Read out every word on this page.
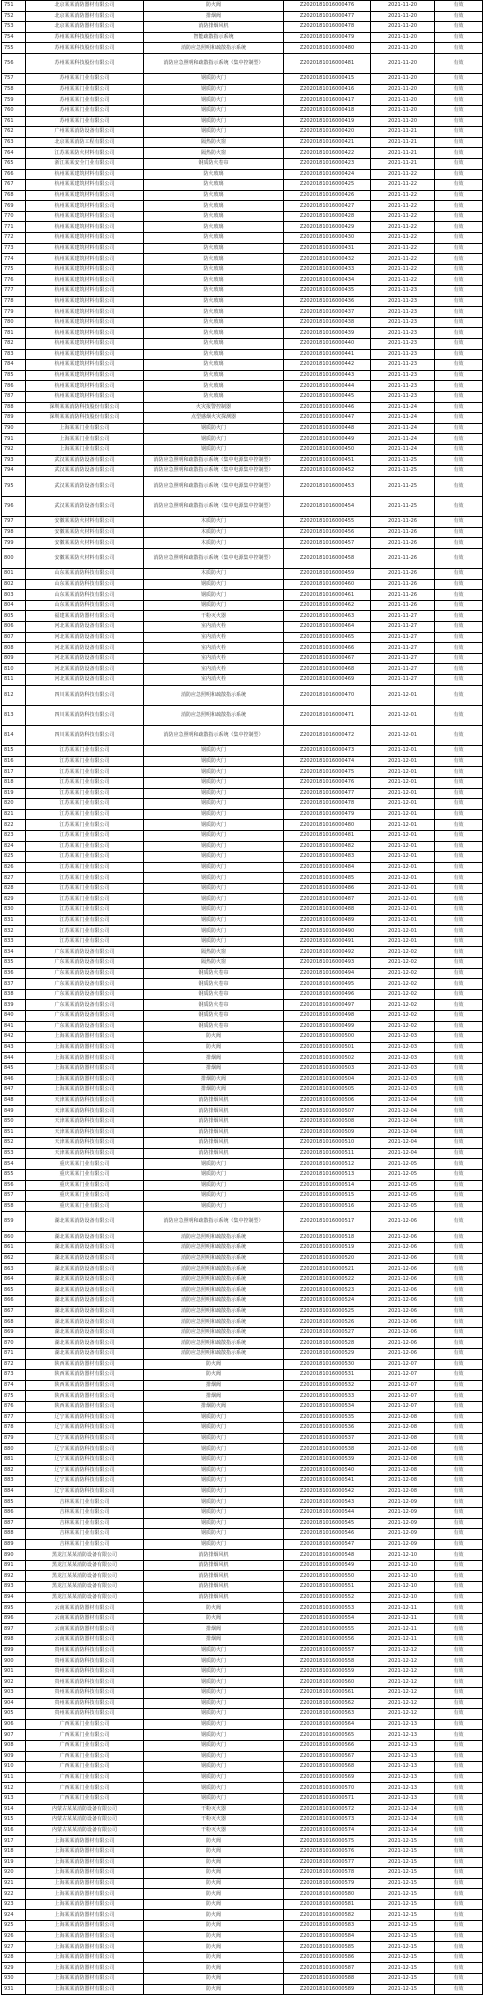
751	北京某某消防器材有限公司	防火阀	Z2020181016000476	2021-11-20	有效
752	北京某某消防器材有限公司	排烟阀	Z2020181016000477	2021-11-20	有效
753	北京某某消防器材有限公司	消防排烟风机	Z2020181016000478	2021-11-20	有效
754	苏州某某科技股份有限公司	智能疏散指示系统	Z2020181016000479	2021-11-20	有效
755	苏州某某科技股份有限公司	消防应急照明和疏散指示系统	Z2020181016000480	2021-11-20	有效
756	苏州某某科技股份有限公司	消防应急照明和疏散指示系统（集中控制型）	Z2020181016000481	2021-11-20	有效
757	苏州某某门业有限公司	钢质防火门	Z2020181016000415	2021-11-20	有效
758	苏州某某门业有限公司	钢质防火门	Z2020181016000416	2021-11-20	有效
759	苏州某某门业有限公司	钢质防火门	Z2020181016000417	2021-11-20	有效
760	苏州某某门业有限公司	钢质防火门	Z2020181016000418	2021-11-20	有效
761	苏州某某门业有限公司	钢质防火门	Z2020181016000419	2021-11-20	有效
762	广州某某消防设备有限公司	钢质防火门	Z2020181016000420	2021-11-21	有效
763	北京某某消防工程有限公司	隔热防火窗	Z2020181016000421	2021-11-21	有效
764	江苏某某防火材料有限公司	隔热防火窗	Z2020181016000422	2021-11-21	有效
765	浙江某某安全门业有限公司	钢质防火卷帘	Z2020181016000423	2021-11-21	有效
766	杭州某某建筑材料有限公司	防火玻璃	Z2020181016000424	2021-11-22	有效
767	杭州某某建筑材料有限公司	防火玻璃	Z2020181016000425	2021-11-22	有效
768	杭州某某建筑材料有限公司	防火玻璃	Z2020181016000426	2021-11-22	有效
769	杭州某某建筑材料有限公司	防火玻璃	Z2020181016000427	2021-11-22	有效
770	杭州某某建筑材料有限公司	防火玻璃	Z2020181016000428	2021-11-22	有效
771	杭州某某建筑材料有限公司	防火玻璃	Z2020181016000429	2021-11-22	有效
772	杭州某某建筑材料有限公司	防火玻璃	Z2020181016000430	2021-11-22	有效
773	杭州某某建筑材料有限公司	防火玻璃	Z2020181016000431	2021-11-22	有效
774	杭州某某建筑材料有限公司	防火玻璃	Z2020181016000432	2021-11-22	有效
775	杭州某某建筑材料有限公司	防火玻璃	Z2020181016000433	2021-11-22	有效
776	杭州某某建筑材料有限公司	防火玻璃	Z2020181016000434	2021-11-22	有效
777	杭州某某建筑材料有限公司	防火玻璃	Z2020181016000435	2021-11-23	有效
778	杭州某某建筑材料有限公司	防火玻璃	Z2020181016000436	2021-11-23	有效
779	杭州某某建筑材料有限公司	防火玻璃	Z2020181016000437	2021-11-23	有效
780	杭州某某建筑材料有限公司	防火玻璃	Z2020181016000438	2021-11-23	有效
781	杭州某某建筑材料有限公司	防火玻璃	Z2020181016000439	2021-11-23	有效
782	杭州某某建筑材料有限公司	防火玻璃	Z2020181016000440	2021-11-23	有效
783	杭州某某建筑材料有限公司	防火玻璃	Z2020181016000441	2021-11-23	有效
784	杭州某某建筑材料有限公司	防火玻璃	Z2020181016000442	2021-11-23	有效
785	杭州某某建筑材料有限公司	防火玻璃	Z2020181016000443	2021-11-23	有效
786	杭州某某建筑材料有限公司	防火玻璃	Z2020181016000444	2021-11-23	有效
787	杭州某某建筑材料有限公司	防火玻璃	Z2020181016000445	2021-11-23	有效
788	深圳某某消防科技股份有限公司	火灾报警控制器	Z2020181016000446	2021-11-24	有效
789	深圳某某消防科技股份有限公司	点型感烟火灾探测器	Z2020181016000447	2021-11-24	有效
790	上海某某门业有限公司	钢质防火门	Z2020181016000448	2021-11-24	有效
791	上海某某门业有限公司	钢质防火门	Z2020181016000449	2021-11-24	有效
792	上海某某门业有限公司	钢质防火门	Z2020181016000450	2021-11-24	有效
793	武汉某某消防设备有限公司	消防应急照明和疏散指示系统（集中电源集中控制型）	Z2020181016000451	2021-11-25	有效
794	武汉某某消防设备有限公司	消防应急照明和疏散指示系统（集中电源集中控制型）	Z2020181016000452	2021-11-25	有效
795	武汉某某消防设备有限公司	消防应急照明和疏散指示系统（集中电源集中控制型）	Z2020181016000453	2021-11-25	有效
796	武汉某某消防设备有限公司	消防应急照明和疏散指示系统（集中电源集中控制型）	Z2020181016000454	2021-11-25	有效
797	安徽某某防火材料有限公司	木质防火门	Z2020181016000455	2021-11-26	有效
798	安徽某某防火材料有限公司	木质防火门	Z2020181016000456	2021-11-26	有效
799	安徽某某防火材料有限公司	木质防火门	Z2020181016000457	2021-11-26	有效
800	安徽某某防火材料有限公司	消防应急照明和疏散指示系统（集中电源集中控制型）	Z2020181016000458	2021-11-26	有效
801	山东某某消防科技有限公司	木质防火门	Z2020181016000459	2021-11-26	有效
802	山东某某消防科技有限公司	钢质防火门	Z2020181016000460	2021-11-26	有效
803	山东某某消防科技有限公司	钢质防火门	Z2020181016000461	2021-11-26	有效
804	山东某某消防科技有限公司	钢质防火门	Z2020181016000462	2021-11-26	有效
805	福建某某消防器材有限公司	干粉灭火器	Z2020181016000463	2021-11-27	有效
806	河北某某消防设备有限公司	室内消火栓	Z2020181016000464	2021-11-27	有效
807	河北某某消防设备有限公司	室内消火栓	Z2020181016000465	2021-11-27	有效
808	河北某某消防设备有限公司	室内消火栓	Z2020181016000466	2021-11-27	有效
809	河北某某消防设备有限公司	室内消火栓	Z2020181016000467	2021-11-27	有效
810	河北某某消防设备有限公司	室内消火栓	Z2020181016000468	2021-11-27	有效
811	河北某某消防设备有限公司	室内消火栓	Z2020181016000469	2021-11-27	有效
812	四川某某消防科技有限公司	消防应急照明和疏散指示系统	Z2020181016000470	2021-12-01	有效
813	四川某某消防科技有限公司	消防应急照明和疏散指示系统	Z2020181016000471	2021-12-01	有效
814	四川某某消防科技有限公司	消防应急照明和疏散指示系统（集中控制型）	Z2020181016000472	2021-12-01	有效
815	江苏某某门业有限公司	钢质防火门	Z2020181016000473	2021-12-01	有效
816	江苏某某门业有限公司	钢质防火门	Z2020181016000474	2021-12-01	有效
817	江苏某某门业有限公司	钢质防火门	Z2020181016000475	2021-12-01	有效
818	江苏某某门业有限公司	钢质防火门	Z2020181016000476	2021-12-01	有效
819	江苏某某门业有限公司	钢质防火门	Z2020181016000477	2021-12-01	有效
820	江苏某某门业有限公司	钢质防火门	Z2020181016000478	2021-12-01	有效
821	江苏某某门业有限公司	钢质防火门	Z2020181016000479	2021-12-01	有效
822	江苏某某门业有限公司	钢质防火门	Z2020181016000480	2021-12-01	有效
823	江苏某某门业有限公司	钢质防火门	Z2020181016000481	2021-12-01	有效
824	江苏某某门业有限公司	钢质防火门	Z2020181016000482	2021-12-01	有效
825	江苏某某门业有限公司	钢质防火门	Z2020181016000483	2021-12-01	有效
826	江苏某某门业有限公司	钢质防火门	Z2020181016000484	2021-12-01	有效
827	江苏某某门业有限公司	钢质防火门	Z2020181016000485	2021-12-01	有效
828	江苏某某门业有限公司	钢质防火门	Z2020181016000486	2021-12-01	有效
829	江苏某某门业有限公司	钢质防火门	Z2020181016000487	2021-12-01	有效
830	江苏某某门业有限公司	钢质防火门	Z2020181016000488	2021-12-01	有效
831	江苏某某门业有限公司	钢质防火门	Z2020181016000489	2021-12-01	有效
832	江苏某某门业有限公司	钢质防火门	Z2020181016000490	2021-12-01	有效
833	江苏某某门业有限公司	钢质防火门	Z2020181016000491	2021-12-01	有效
834	广东某某消防设备有限公司	隔热防火窗	Z2020181016000492	2021-12-02	有效
835	广东某某消防设备有限公司	隔热防火窗	Z2020181016000493	2021-12-02	有效
836	广东某某消防设备有限公司	钢质防火卷帘	Z2020181016000494	2021-12-02	有效
837	广东某某消防设备有限公司	钢质防火卷帘	Z2020181016000495	2021-12-02	有效
838	广东某某消防设备有限公司	钢质防火卷帘	Z2020181016000496	2021-12-02	有效
839	广东某某消防设备有限公司	钢质防火卷帘	Z2020181016000497	2021-12-02	有效
840	广东某某消防设备有限公司	钢质防火卷帘	Z2020181016000498	2021-12-02	有效
841	广东某某消防设备有限公司	钢质防火卷帘	Z2020181016000499	2021-12-02	有效
842	上海某某消防器材有限公司	防火阀	Z2020181016000500	2021-12-03	有效
843	上海某某消防器材有限公司	防火阀	Z2020181016000501	2021-12-03	有效
844	上海某某消防器材有限公司	排烟阀	Z2020181016000502	2021-12-03	有效
845	上海某某消防器材有限公司	排烟阀	Z2020181016000503	2021-12-03	有效
846	上海某某消防器材有限公司	排烟防火阀	Z2020181016000504	2021-12-03	有效
847	上海某某消防器材有限公司	排烟防火阀	Z2020181016000505	2021-12-03	有效
848	天津某某消防科技有限公司	消防排烟风机	Z2020181016000506	2021-12-04	有效
849	天津某某消防科技有限公司	消防排烟风机	Z2020181016000507	2021-12-04	有效
850	天津某某消防科技有限公司	消防排烟风机	Z2020181016000508	2021-12-04	有效
851	天津某某消防科技有限公司	消防排烟风机	Z2020181016000509	2021-12-04	有效
852	天津某某消防科技有限公司	消防排烟风机	Z2020181016000510	2021-12-04	有效
853	天津某某消防科技有限公司	消防排烟风机	Z2020181016000511	2021-12-04	有效
854	重庆某某门业有限公司	钢质防火门	Z2020181016000512	2021-12-05	有效
855	重庆某某门业有限公司	钢质防火门	Z2020181016000513	2021-12-05	有效
856	重庆某某门业有限公司	钢质防火门	Z2020181016000514	2021-12-05	有效
857	重庆某某门业有限公司	钢质防火门	Z2020181016000515	2021-12-05	有效
858	重庆某某门业有限公司	钢质防火门	Z2020181016000516	2021-12-05	有效
859	湖北某某消防设备有限公司	消防应急照明和疏散指示系统（集中控制型）	Z2020181016000517	2021-12-06	有效
860	湖北某某消防设备有限公司	消防应急照明和疏散指示系统	Z2020181016000518	2021-12-06	有效
861	湖北某某消防设备有限公司	消防应急照明和疏散指示系统	Z2020181016000519	2021-12-06	有效
862	湖北某某消防设备有限公司	消防应急照明和疏散指示系统	Z2020181016000520	2021-12-06	有效
863	湖北某某消防设备有限公司	消防应急照明和疏散指示系统	Z2020181016000521	2021-12-06	有效
864	湖北某某消防设备有限公司	消防应急照明和疏散指示系统	Z2020181016000522	2021-12-06	有效
865	湖北某某消防设备有限公司	消防应急照明和疏散指示系统	Z2020181016000523	2021-12-06	有效
866	湖北某某消防设备有限公司	消防应急照明和疏散指示系统	Z2020181016000524	2021-12-06	有效
867	湖北某某消防设备有限公司	消防应急照明和疏散指示系统	Z2020181016000525	2021-12-06	有效
868	湖北某某消防设备有限公司	消防应急照明和疏散指示系统	Z2020181016000526	2021-12-06	有效
869	湖北某某消防设备有限公司	消防应急照明和疏散指示系统	Z2020181016000527	2021-12-06	有效
870	湖北某某消防设备有限公司	消防应急照明和疏散指示系统	Z2020181016000528	2021-12-06	有效
871	湖北某某消防设备有限公司	消防应急照明和疏散指示系统	Z2020181016000529	2021-12-06	有效
872	陕西某某消防器材有限公司	防火阀	Z2020181016000530	2021-12-07	有效
873	陕西某某消防器材有限公司	防火阀	Z2020181016000531	2021-12-07	有效
874	陕西某某消防器材有限公司	排烟阀	Z2020181016000532	2021-12-07	有效
875	陕西某某消防器材有限公司	排烟阀	Z2020181016000533	2021-12-07	有效
876	陕西某某消防器材有限公司	排烟防火阀	Z2020181016000534	2021-12-07	有效
877	辽宁某某消防科技有限公司	钢质防火门	Z2020181016000535	2021-12-08	有效
878	辽宁某某消防科技有限公司	钢质防火门	Z2020181016000536	2021-12-08	有效
879	辽宁某某消防科技有限公司	钢质防火门	Z2020181016000537	2021-12-08	有效
880	辽宁某某消防科技有限公司	钢质防火门	Z2020181016000538	2021-12-08	有效
881	辽宁某某消防科技有限公司	钢质防火门	Z2020181016000539	2021-12-08	有效
882	辽宁某某消防科技有限公司	钢质防火门	Z2020181016000540	2021-12-08	有效
883	辽宁某某消防科技有限公司	钢质防火门	Z2020181016000541	2021-12-08	有效
884	辽宁某某消防科技有限公司	钢质防火门	Z2020181016000542	2021-12-08	有效
885	吉林某某门业有限公司	钢质防火门	Z2020181016000543	2021-12-09	有效
886	吉林某某门业有限公司	钢质防火门	Z2020181016000544	2021-12-09	有效
887	吉林某某门业有限公司	钢质防火门	Z2020181016000545	2021-12-09	有效
888	吉林某某门业有限公司	钢质防火门	Z2020181016000546	2021-12-09	有效
889	吉林某某门业有限公司	钢质防火门	Z2020181016000547	2021-12-09	有效
890	黑龙江某某消防设备有限公司	消防排烟风机	Z2020181016000548	2021-12-10	有效
891	黑龙江某某消防设备有限公司	消防排烟风机	Z2020181016000549	2021-12-10	有效
892	黑龙江某某消防设备有限公司	消防排烟风机	Z2020181016000550	2021-12-10	有效
893	黑龙江某某消防设备有限公司	消防排烟风机	Z2020181016000551	2021-12-10	有效
894	黑龙江某某消防设备有限公司	消防排烟风机	Z2020181016000552	2021-12-10	有效
895	云南某某消防器材有限公司	防火阀	Z2020181016000553	2021-12-11	有效
896	云南某某消防器材有限公司	防火阀	Z2020181016000554	2021-12-11	有效
897	云南某某消防器材有限公司	排烟阀	Z2020181016000555	2021-12-11	有效
898	云南某某消防器材有限公司	排烟阀	Z2020181016000556	2021-12-11	有效
899	贵州某某消防科技有限公司	钢质防火门	Z2020181016000557	2021-12-12	有效
900	贵州某某消防科技有限公司	钢质防火门	Z2020181016000558	2021-12-12	有效
901	贵州某某消防科技有限公司	钢质防火门	Z2020181016000559	2021-12-12	有效
902	贵州某某消防科技有限公司	钢质防火门	Z2020181016000560	2021-12-12	有效
903	贵州某某消防科技有限公司	钢质防火门	Z2020181016000561	2021-12-12	有效
904	贵州某某消防科技有限公司	钢质防火门	Z2020181016000562	2021-12-12	有效
905	贵州某某消防科技有限公司	钢质防火门	Z2020181016000563	2021-12-12	有效
906	广西某某门业有限公司	钢质防火门	Z2020181016000564	2021-12-13	有效
907	广西某某门业有限公司	钢质防火门	Z2020181016000565	2021-12-13	有效
908	广西某某门业有限公司	钢质防火门	Z2020181016000566	2021-12-13	有效
909	广西某某门业有限公司	钢质防火门	Z2020181016000567	2021-12-13	有效
910	广西某某门业有限公司	钢质防火门	Z2020181016000568	2021-12-13	有效
911	广西某某门业有限公司	钢质防火门	Z2020181016000569	2021-12-13	有效
912	广西某某门业有限公司	钢质防火门	Z2020181016000570	2021-12-13	有效
913	广西某某门业有限公司	钢质防火门	Z2020181016000571	2021-12-13	有效
914	内蒙古某某消防设备有限公司	干粉灭火器	Z2020181016000572	2021-12-14	有效
915	内蒙古某某消防设备有限公司	干粉灭火器	Z2020181016000573	2021-12-14	有效
916	内蒙古某某消防设备有限公司	干粉灭火器	Z2020181016000574	2021-12-14	有效
917	上海某某消防器材有限公司	防火阀	Z2020181016000575	2021-12-15	有效
918	上海某某消防器材有限公司	防火阀	Z2020181016000576	2021-12-15	有效
919	上海某某消防器材有限公司	防火阀	Z2020181016000577	2021-12-15	有效
920	上海某某消防器材有限公司	防火阀	Z2020181016000578	2021-12-15	有效
921	上海某某消防器材有限公司	防火阀	Z2020181016000579	2021-12-15	有效
922	上海某某消防器材有限公司	防火阀	Z2020181016000580	2021-12-15	有效
923	上海某某消防器材有限公司	防火阀	Z2020181016000581	2021-12-15	有效
924	上海某某消防器材有限公司	防火阀	Z2020181016000582	2021-12-15	有效
925	上海某某消防器材有限公司	防火阀	Z2020181016000583	2021-12-15	有效
926	上海某某消防器材有限公司	防火阀	Z2020181016000584	2021-12-15	有效
927	上海某某消防器材有限公司	防火阀	Z2020181016000585	2021-12-15	有效
928	上海某某消防器材有限公司	防火阀	Z2020181016000586	2021-12-15	有效
929	上海某某消防器材有限公司	防火阀	Z2020181016000587	2021-12-15	有效
930	上海某某消防器材有限公司	防火阀	Z2020181016000588	2021-12-15	有效
931	上海某某消防器材有限公司	防火阀	Z2020181016000589	2021-12-15	有效
